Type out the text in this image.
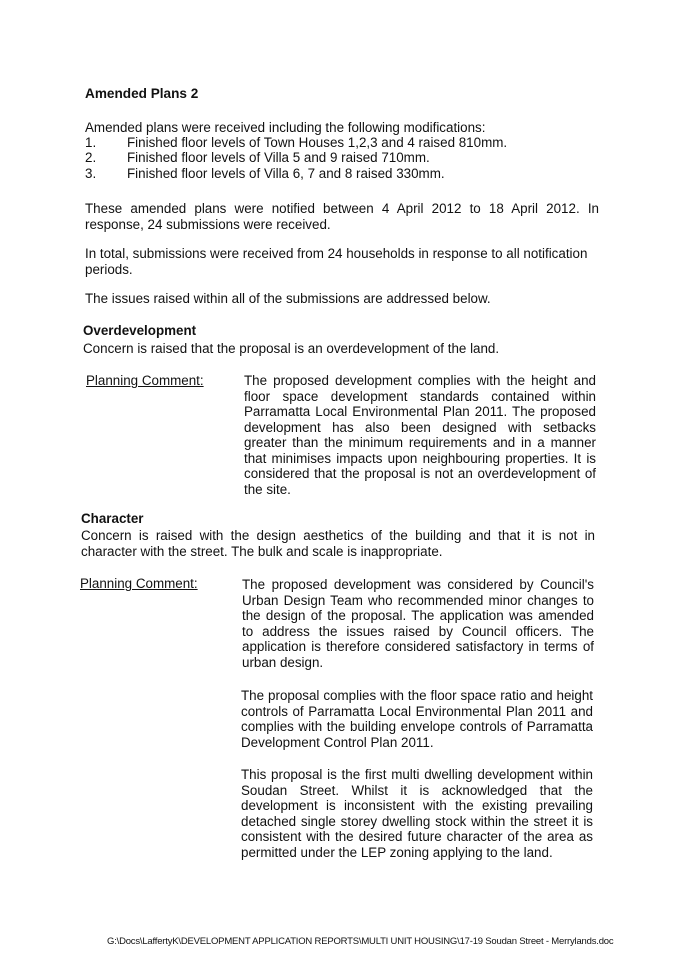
Amended Plans 2
Amended plans were received including the following modifications:
1. Finished floor levels of Town Houses 1,2,3 and 4 raised 810mm.
2. Finished floor levels of Villa 5 and 9 raised 710mm.
3. Finished floor levels of Villa 6, 7 and 8 raised 330mm.
These amended plans were notified between 4 April 2012 to 18 April 2012. In response, 24 submissions were received.
In total, submissions were received from 24 households in response to all notification periods.
The issues raised within all of the submissions are addressed below.
Overdevelopment
Concern is raised that the proposal is an overdevelopment of the land.
Planning Comment:	The proposed development complies with the height and floor space development standards contained within Parramatta Local Environmental Plan 2011. The proposed development has also been designed with setbacks greater than the minimum requirements and in a manner that minimises impacts upon neighbouring properties. It is considered that the proposal is not an overdevelopment of the site.
Character
Concern is raised with the design aesthetics of the building and that it is not in character with the street. The bulk and scale is inappropriate.
Planning Comment:	The proposed development was considered by Council's Urban Design Team who recommended minor changes to the design of the proposal. The application was amended to address the issues raised by Council officers. The application is therefore considered satisfactory in terms of urban design.
The proposal complies with the floor space ratio and height controls of Parramatta Local Environmental Plan 2011 and complies with the building envelope controls of Parramatta Development Control Plan 2011.
This proposal is the first multi dwelling development within Soudan Street. Whilst it is acknowledged that the development is inconsistent with the existing prevailing detached single storey dwelling stock within the street it is consistent with the desired future character of the area as permitted under the LEP zoning applying to the land.
G:\Docs\LaffertyK\DEVELOPMENT APPLICATION REPORTS\MULTI UNIT HOUSING\17-19 Soudan Street - Merrylands.doc
